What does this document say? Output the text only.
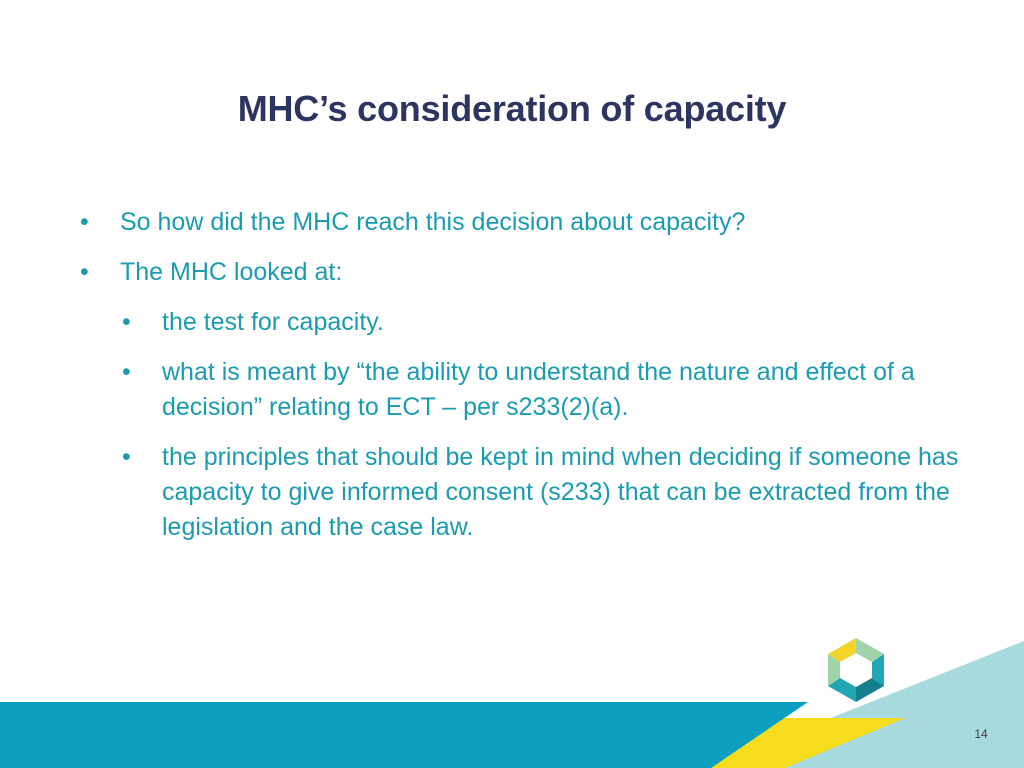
MHC’s consideration of capacity
• So how did the MHC reach this decision about capacity?
• The MHC looked at:
• the test for capacity.
• what is meant by “the ability to understand the nature and effect of a decision” relating to ECT – per s233(2)(a).
• the principles that should be kept in mind when deciding if someone has capacity to give informed consent (s233) that can be extracted from the legislation and the case law.
14
